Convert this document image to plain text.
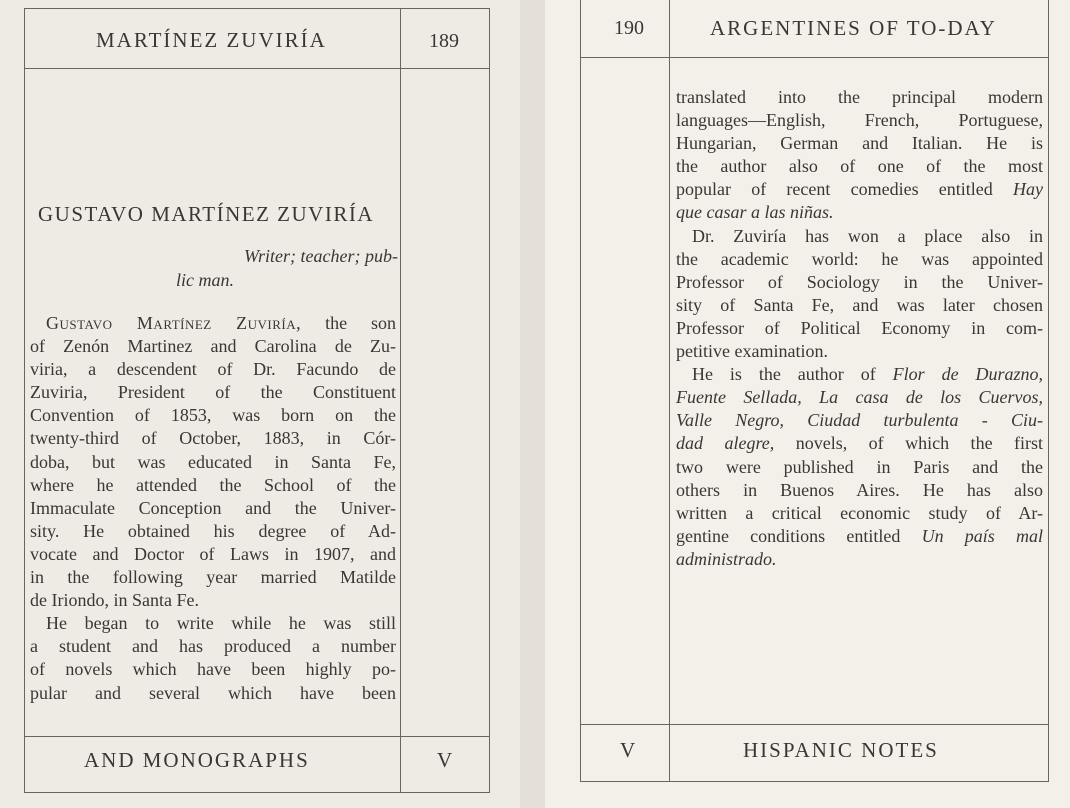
MARTÍNEZ ZUVIRÍA	189
GUSTAVO MARTÍNEZ ZUVIRÍA
Writer; teacher; pub-
lic man.
Gustavo Martínez Zuviría, the son
of Zenón Martinez and Carolina de Zu-
viria, a descendent of Dr. Facundo de
Zuviria, President of the Constituent
Convention of 1853, was born on the
twenty-third of October, 1883, in Cór-
doba, but was educated in Santa Fe,
where he attended the School of the
Immaculate Conception and the Univer-
sity. He obtained his degree of Ad-
vocate and Doctor of Laws in 1907, and
in the following year married Matilde
de Iriondo, in Santa Fe.
He began to write while he was still
a student and has produced a number
of novels which have been highly po-
pular and several which have been
AND MONOGRAPHS	V
190	ARGENTINES OF TO-DAY
V	HISPANIC NOTES
translated into the principal modern
languages—English, French, Portuguese,
Hungarian, German and Italian. He is
the author also of one of the most
popular of recent comedies entitled Hay
que casar a las niñas.
Dr. Zuviría has won a place also in
the academic world: he was appointed
Professor of Sociology in the Univer-
sity of Santa Fe, and was later chosen
Professor of Political Economy in com-
petitive examination.
He is the author of Flor de Durazno,
Fuente Sellada, La casa de los Cuervos,
Valle Negro, Ciudad turbulenta - Ciu-
dad alegre, novels, of which the first
two were published in Paris and the
others in Buenos Aires. He has also
written a critical economic study of Ar-
gentine conditions entitled Un país mal
administrado.
